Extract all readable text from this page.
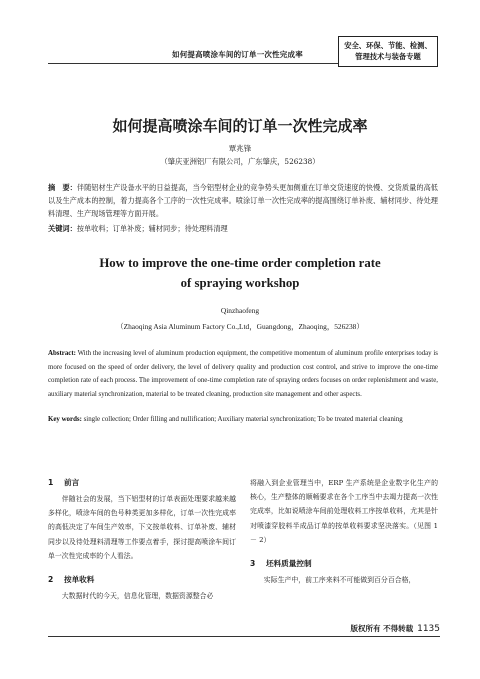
如何提高喷涂车间的订单一次性完成率
安全、环保、节能、检测、
管理技术与装备专题
如何提高喷涂车间的订单一次性完成率
覃兆锋
（肇庆亚洲铝厂有限公司，广东肇庆，526238）
摘　要：伴随铝材生产设备水平的日益提高，当今铝型材企业的竞争势头更加侧重在订单交货速度的快慢、交货质量的高低以及生产成本的控制，着力提高各个工序的一次性完成率。喷涂订单一次性完成率的提高围绕订单补废、辅材同步、待处理料清理、生产现场管理等方面开展。
关键词：按单收料；订单补废；辅材同步；待处理料清理
How to improve the one-time order completion rate
of spraying workshop
Qinzhaofeng
（Zhaoqing Asia Aluminum Factory Co.,Ltd，Guangdong，Zhaoqing，526238）
Abstract: With the increasing level of aluminum production equipment, the competitive momentum of aluminum profile enterprises today is more focused on the speed of order delivery, the level of delivery quality and production cost control, and strive to improve the one-time completion rate of each process. The improvement of one-time completion rate of spraying orders focuses on order replenishment and waste, auxiliary material synchronization, material to be treated cleaning, production site management and other aspects.
Key words: single collection; Order filling and nullification; Auxiliary material synchronization; To be treated material cleaning
1 前言

伴随社会的发展，当下铝型材的订单表面处理要求越来越多样化，喷涂车间的色号种类更加多样化，订单一次性完成率的高低决定了车间生产效率，下文按单收料、订单补废、辅材同步以及待处理料清理等工作要点着手，探讨提高喷涂车间订单一次性完成率的个人看法。

2 按单收料

大数据时代的今天，信息化管理，数据资源整合必

将融入到企业管理当中，ERP 生产系统是企业数字化生产的核心，生产整体的顺畅要求在各个工序当中去竭力提高一次性完成率，比如说喷涂车间前处理收料工序按单收料，尤其是针对喷漆穿胶料半成品订单的按单收料要求坚决落实。（见图 1 － 2）

3 坯料质量控制

实际生产中，前工序来料不可能做到百分百合格，

版权所有 不得转载 1135
